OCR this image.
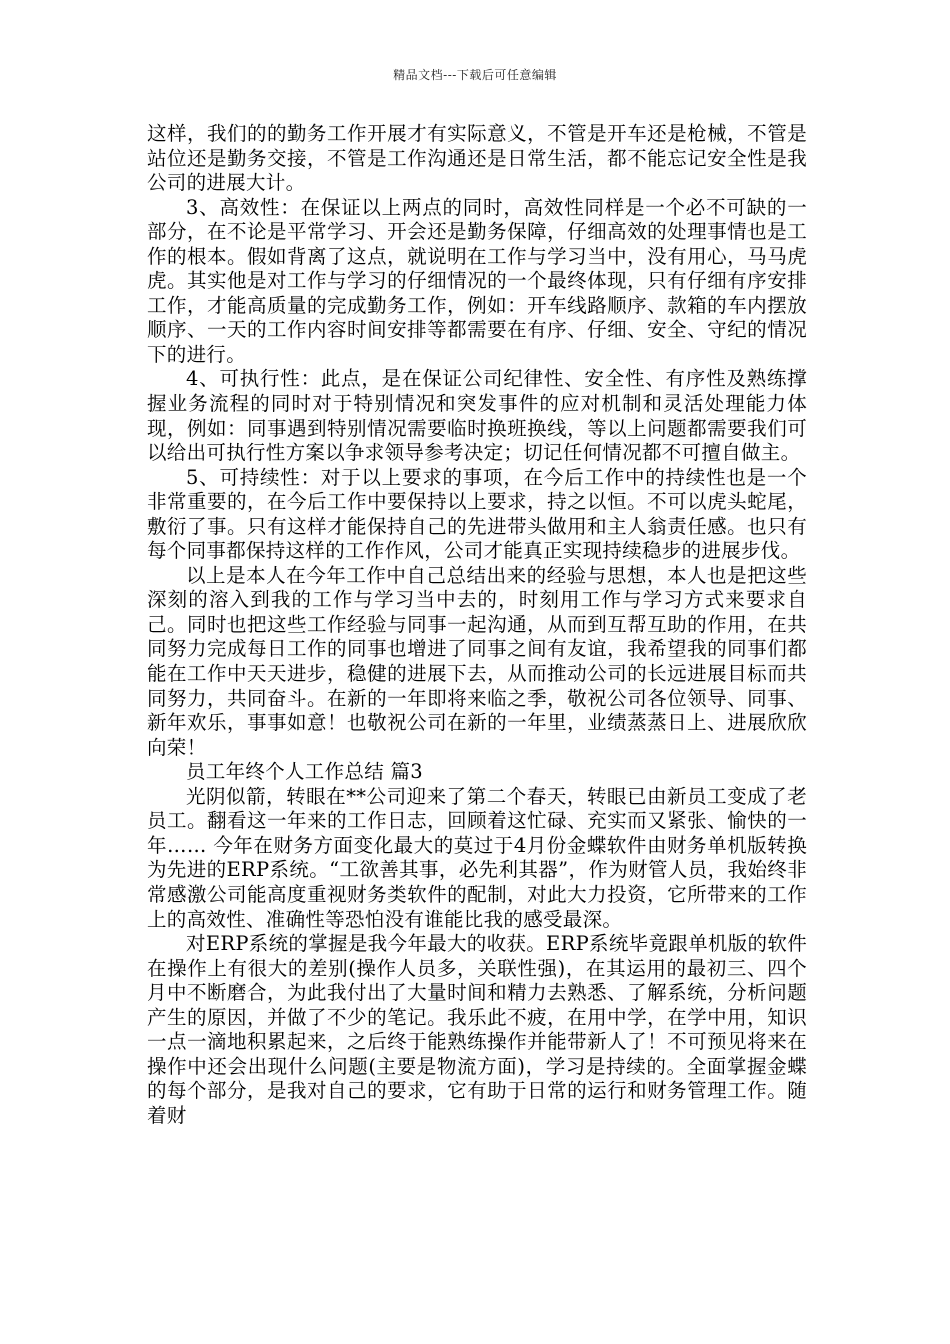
精品文档---下载后可任意编辑

这样，我们的的勤务工作开展才有实际意义，不管是开车还是枪械，不管是站位还是勤务交接，不管是工作沟通还是日常生活，都不能忘记安全性是我公司的进展大计。

3、高效性：在保证以上两点的同时，高效性同样是一个必不可缺的一部分，在不论是平常学习、开会还是勤务保障，仔细高效的处理事情也是工作的根本。假如背离了这点，就说明在工作与学习当中，没有用心，马马虎虎。其实他是对工作与学习的仔细情况的一个最终体现，只有仔细有序安排工作，才能高质量的完成勤务工作，例如：开车线路顺序、款箱的车内摆放顺序、一天的工作内容时间安排等都需要在有序、仔细、安全、守纪的情况下的进行。

4、可执行性：此点，是在保证公司纪律性、安全性、有序性及熟练撑握业务流程的同时对于特别情况和突发事件的应对机制和灵活处理能力体现，例如：同事遇到特别情况需要临时换班换线，等以上问题都需要我们可以给出可执行性方案以争求领导参考决定；切记任何情况都不可擅自做主。

5、可持续性：对于以上要求的事项，在今后工作中的持续性也是一个非常重要的，在今后工作中要保持以上要求，持之以恒。不可以虎头蛇尾，敷衍了事。只有这样才能保持自己的先进带头做用和主人翁责任感。也只有每个同事都保持这样的工作作风，公司才能真正实现持续稳步的进展步伐。

以上是本人在今年工作中自己总结出来的经验与思想，本人也是把这些深刻的溶入到我的工作与学习当中去的，时刻用工作与学习方式来要求自己。同时也把这些工作经验与同事一起沟通，从而到互帮互助的作用，在共同努力完成每日工作的同事也增进了同事之间有友谊，我希望我的同事们都能在工作中天天进步，稳健的进展下去，从而推动公司的长远进展目标而共同努力，共同奋斗。在新的一年即将来临之季，敬祝公司各位领导、同事、新年欢乐，事事如意！也敬祝公司在新的一年里，业绩蒸蒸日上、进展欣欣向荣！

员工年终个人工作总结 篇3

光阴似箭，转眼在**公司迎来了第二个春天，转眼已由新员工变成了老员工。翻看这一年来的工作日志，回顾着这忙碌、充实而又紧张、愉快的一年…… 今年在财务方面变化最大的莫过于4月份金蝶软件由财务单机版转换为先进的ERP系统。“工欲善其事，必先利其器”，作为财管人员，我始终非常感激公司能高度重视财务类软件的配制，对此大力投资，它所带来的工作上的高效性、准确性等恐怕没有谁能比我的感受最深。

对ERP系统的掌握是我今年最大的收获。ERP系统毕竟跟单机版的软件在操作上有很大的差别(操作人员多，关联性强)，在其运用的最初三、四个月中不断磨合，为此我付出了大量时间和精力去熟悉、了解系统，分析问题产生的原因，并做了不少的笔记。我乐此不疲，在用中学，在学中用，知识一点一滴地积累起来，之后终于能熟练操作并能带新人了！不可预见将来在操作中还会出现什么问题(主要是物流方面)，学习是持续的。全面掌握金蝶的每个部分，是我对自己的要求，它有助于日常的运行和财务管理工作。随着财
